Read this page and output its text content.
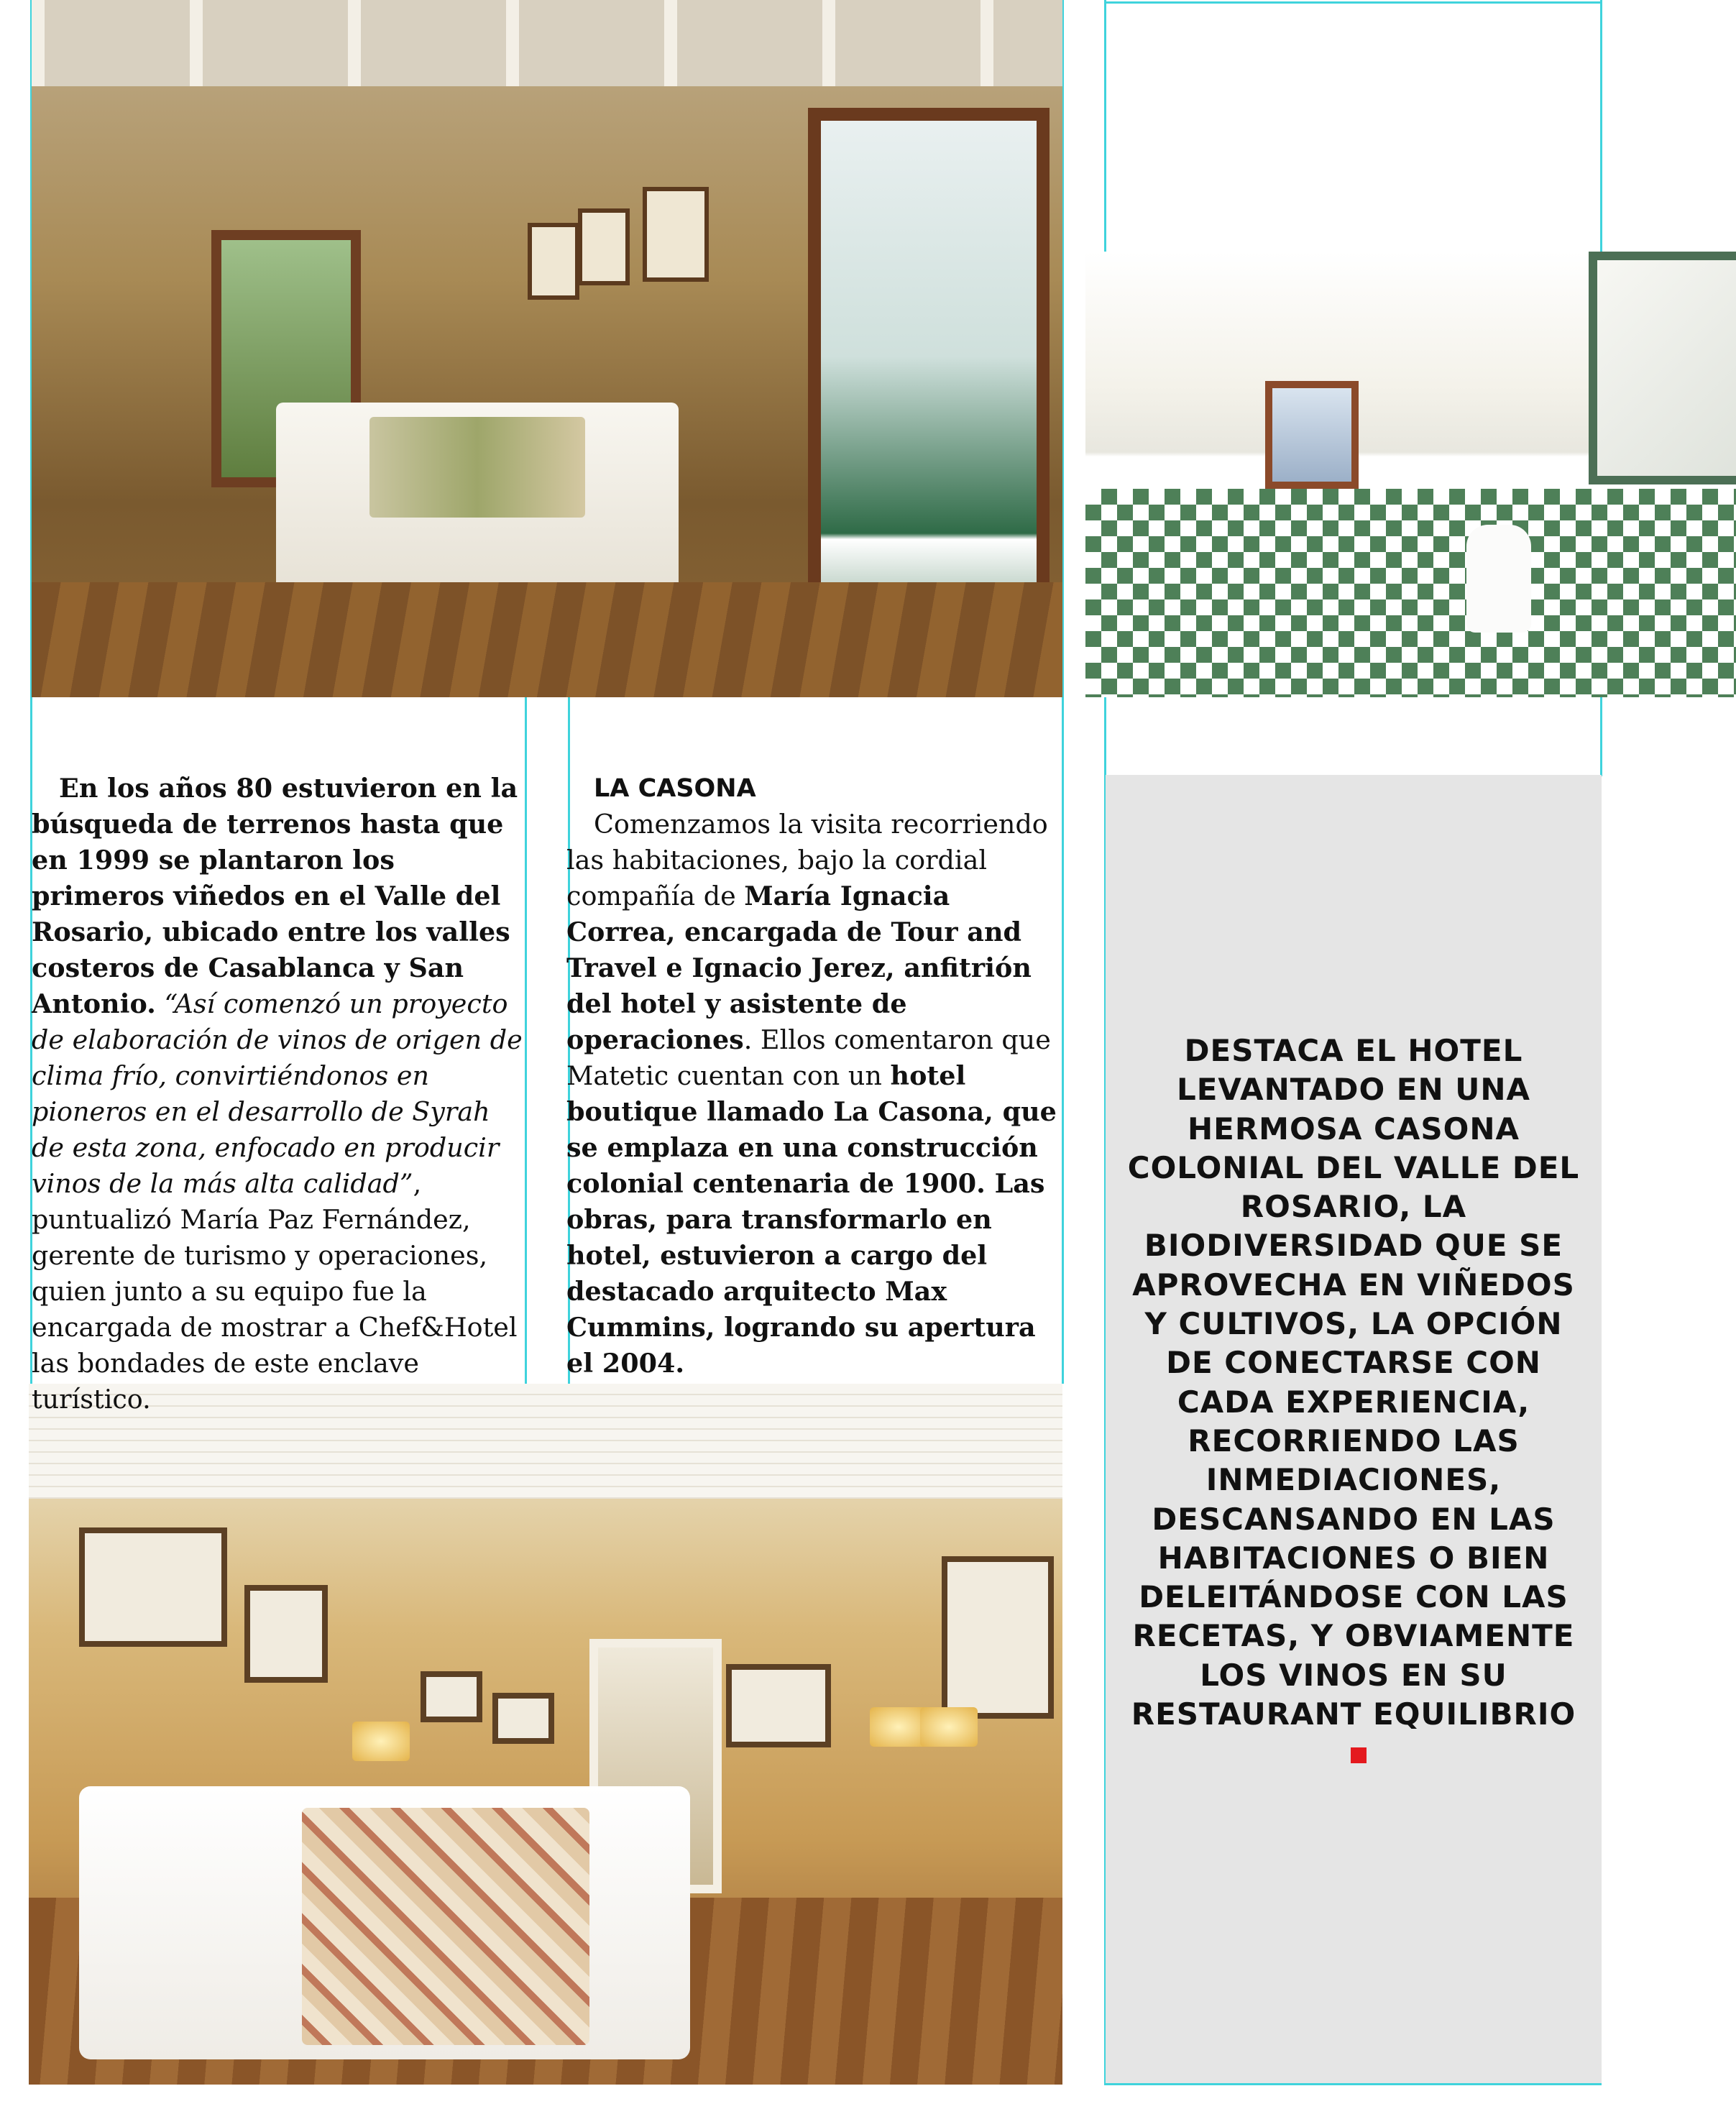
En los años 80 estuvieron en la búsqueda de terrenos hasta que en 1999 se plantaron los primeros viñedos en el Valle del Rosario, ubicado entre los valles costeros de Casablanca y San Antonio. “Así comenzó un proyecto de elaboración de vinos de origen de clima frío, convirtiéndonos en pioneros en el desarrollo de Syrah de esta zona, enfocado en producir vinos de la más alta calidad”, puntualizó María Paz Fernández, gerente de turismo y operaciones, quien junto a su equipo fue la encargada de mostrar a Chef&Hotel las bondades de este enclave turístico.

LA CASONA

Comenzamos la visita recorriendo las habitaciones, bajo la cordial compañía de María Ignacia Correa, encargada de Tour and Travel e Ignacio Jerez, anfitrión del hotel y asistente de operaciones. Ellos comentaron que Matetic cuentan con un hotel boutique llamado La Casona, que se emplaza en una construcción colonial centenaria de 1900. Las obras, para transformarlo en hotel, estuvieron a cargo del destacado arquitecto Max Cummins, logrando su apertura el 2004.

DESTACA EL HOTEL LEVANTADO EN UNA HERMOSA CASONA COLONIAL DEL VALLE DEL ROSARIO, LA BIODIVERSIDAD QUE SE APROVECHA EN VIÑEDOS Y CULTIVOS, LA OPCIÓN DE CONECTARSE CON CADA EXPERIENCIA, RECORRIENDO LAS INMEDIACIONES, DESCANSANDO EN LAS HABITACIONES O BIEN DELEITÁNDOSE CON LAS RECETAS, Y OBVIAMENTE LOS VINOS EN SU RESTAURANT EQUILIBRIO
